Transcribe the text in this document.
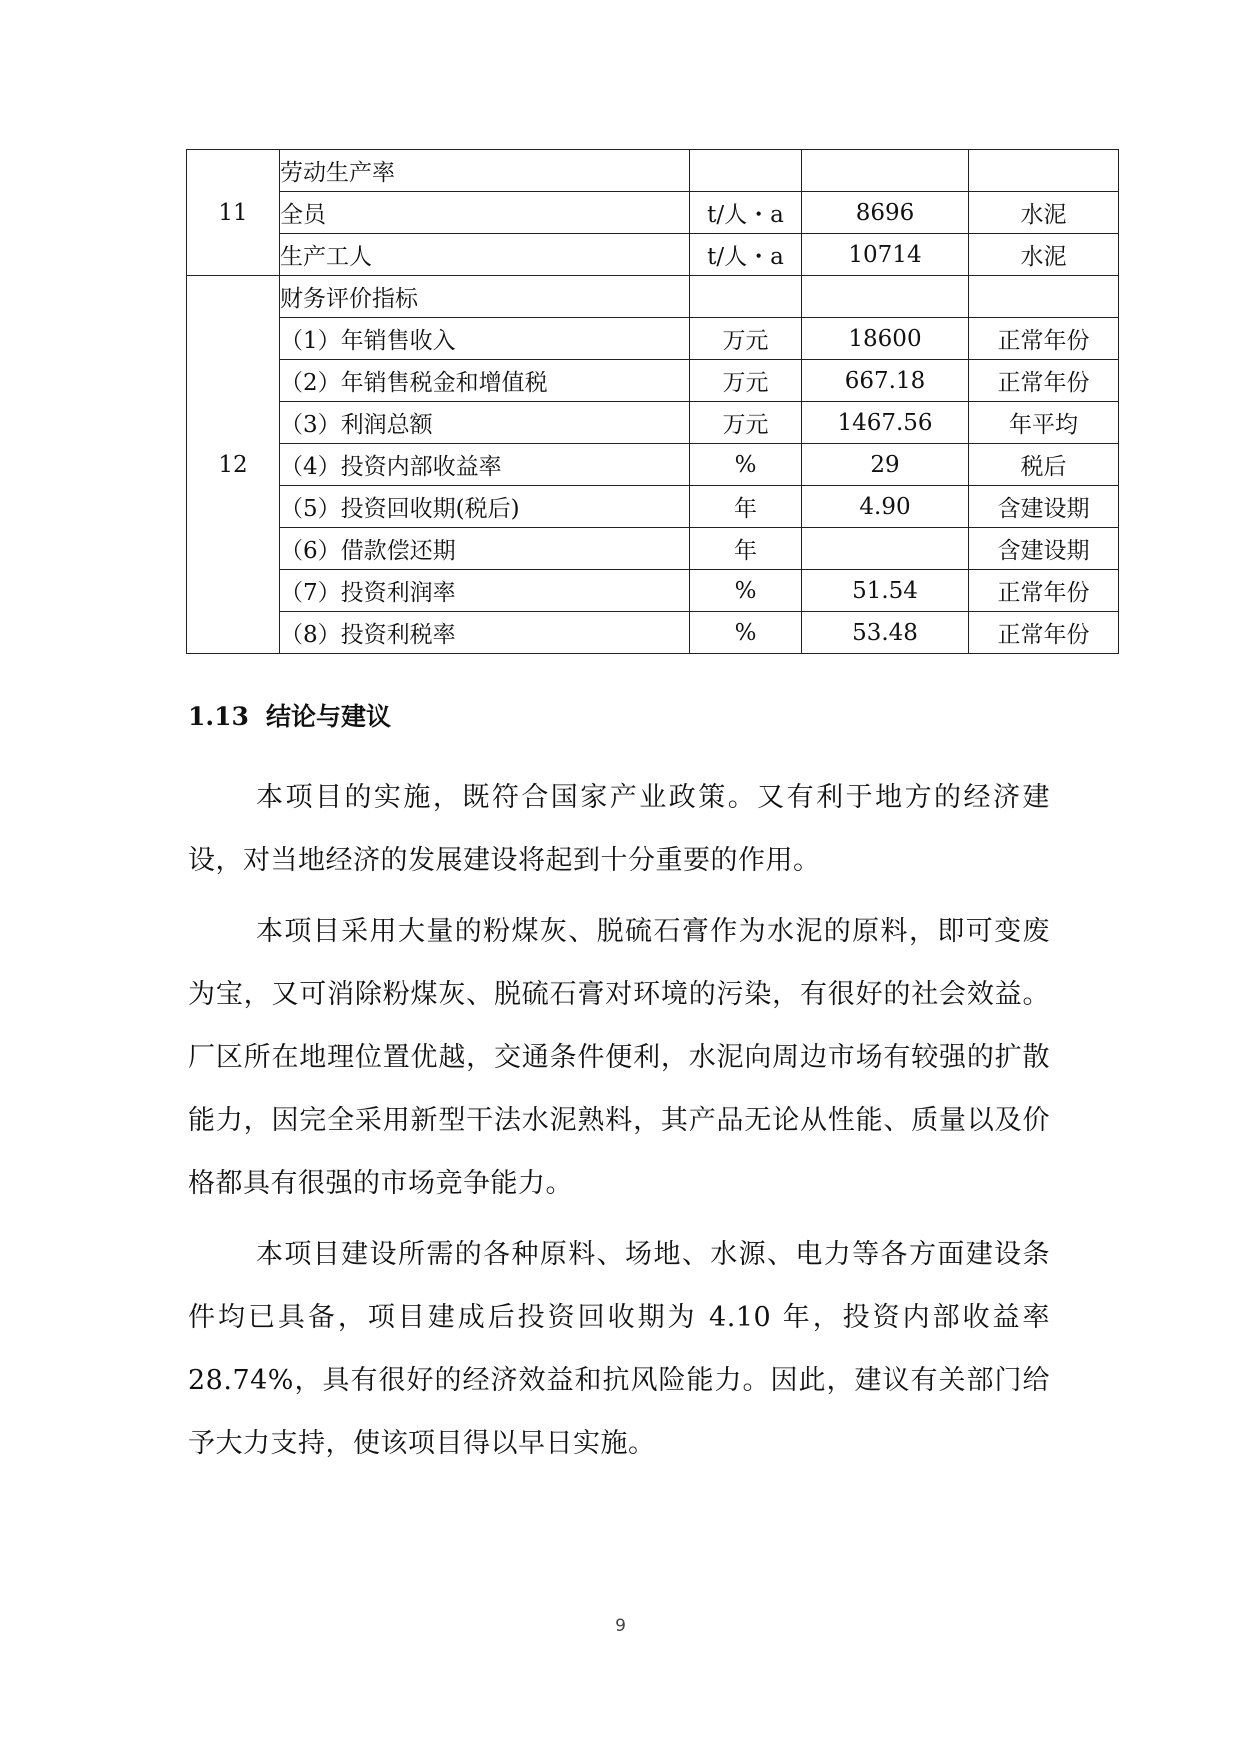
11	劳动生产率			
	全员	t/人・a	8696	水泥
	生产工人	t/人・a	10714	水泥
12	财务评价指标			
	（1）年销售收入	万元	18600	正常年份
	（2）年销售税金和增值税	万元	667.18	正常年份
	（3）利润总额	万元	1467.56	年平均
	（4）投资内部收益率	%	29	税后
	（5）投资回收期(税后)	年	4.90	含建设期
	（6）借款偿还期	年		含建设期
	（7）投资利润率	%	51.54	正常年份
	（8）投资利税率	%	53.48	正常年份
1.13 结论与建议

本项目的实施，既符合国家产业政策。又有利于地方的经济建设，对当地经济的发展建设将起到十分重要的作用。

本项目采用大量的粉煤灰、脱硫石膏作为水泥的原料，即可变废为宝，又可消除粉煤灰、脱硫石膏对环境的污染，有很好的社会效益。厂区所在地理位置优越，交通条件便利，水泥向周边市场有较强的扩散能力，因完全采用新型干法水泥熟料，其产品无论从性能、质量以及价格都具有很强的市场竞争能力。

本项目建设所需的各种原料、场地、水源、电力等各方面建设条件均已具备，项目建成后投资回收期为 4.10 年，投资内部收益率 28.74%，具有很好的经济效益和抗风险能力。因此，建议有关部门给予大力支持，使该项目得以早日实施。

9
